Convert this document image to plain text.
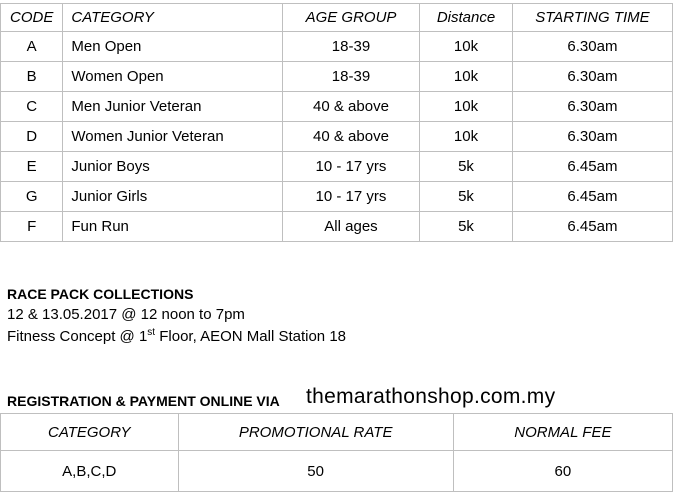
CODE	CATEGORY	AGE GROUP	Distance	STARTING TIME
A	Men Open	18-39	10k	6.30am
B	Women Open	18-39	10k	6.30am
C	Men Junior Veteran	40 & above	10k	6.30am
D	Women Junior Veteran	40 & above	10k	6.30am
E	Junior Boys	10 - 17 yrs	5k	6.45am
G	Junior Girls	10 - 17 yrs	5k	6.45am
F	Fun Run	All ages	5k	6.45am
RACE PACK COLLECTIONS
12 & 13.05.2017 @ 12 noon to 7pm
Fitness Concept @ 1st Floor, AEON Mall Station 18
REGISTRATION & PAYMENT ONLINE VIA themarathonshop.com.my
CATEGORY	PROMOTIONAL RATE	NORMAL FEE
A,B,C,D	50	60
